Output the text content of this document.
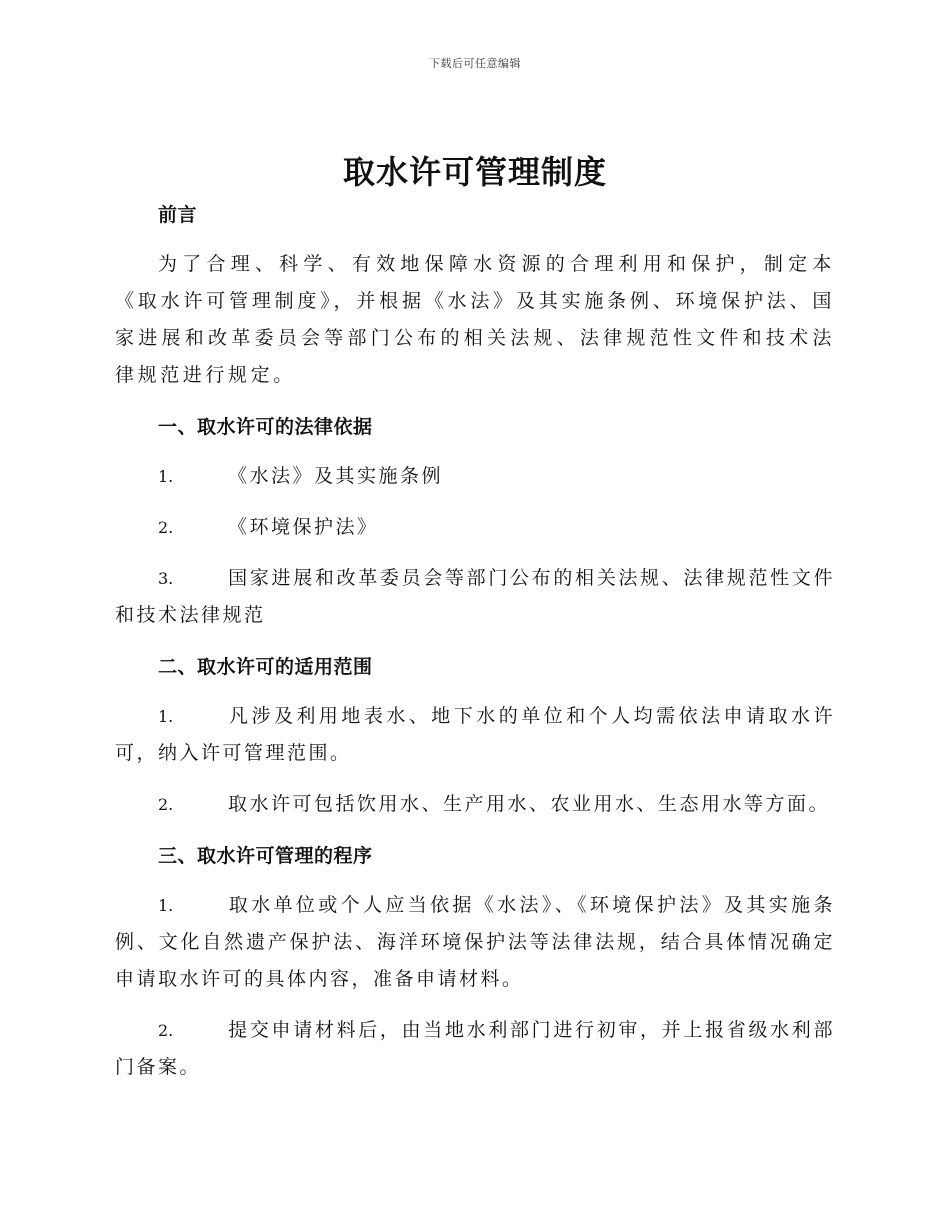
下载后可任意编辑
取水许可管理制度

前言

为了合理、科学、有效地保障水资源的合理利用和保护，制定本《取水许可管理制度》，并根据《水法》及其实施条例、环境保护法、国家进展和改革委员会等部门公布的相关法规、法律规范性文件和技术法律规范进行规定。

一、取水许可的法律依据

1.	《水法》及其实施条例

2.	《环境保护法》

3.	国家进展和改革委员会等部门公布的相关法规、法律规范性文件和技术法律规范

二、取水许可的适用范围

1.	凡涉及利用地表水、地下水的单位和个人均需依法申请取水许可，纳入许可管理范围。

2.	取水许可包括饮用水、生产用水、农业用水、生态用水等方面。

三、取水许可管理的程序

1.	取水单位或个人应当依据《水法》、《环境保护法》及其实施条例、文化自然遗产保护法、海洋环境保护法等法律法规，结合具体情况确定申请取水许可的具体内容，准备申请材料。

2.	提交申请材料后，由当地水利部门进行初审，并上报省级水利部门备案。
